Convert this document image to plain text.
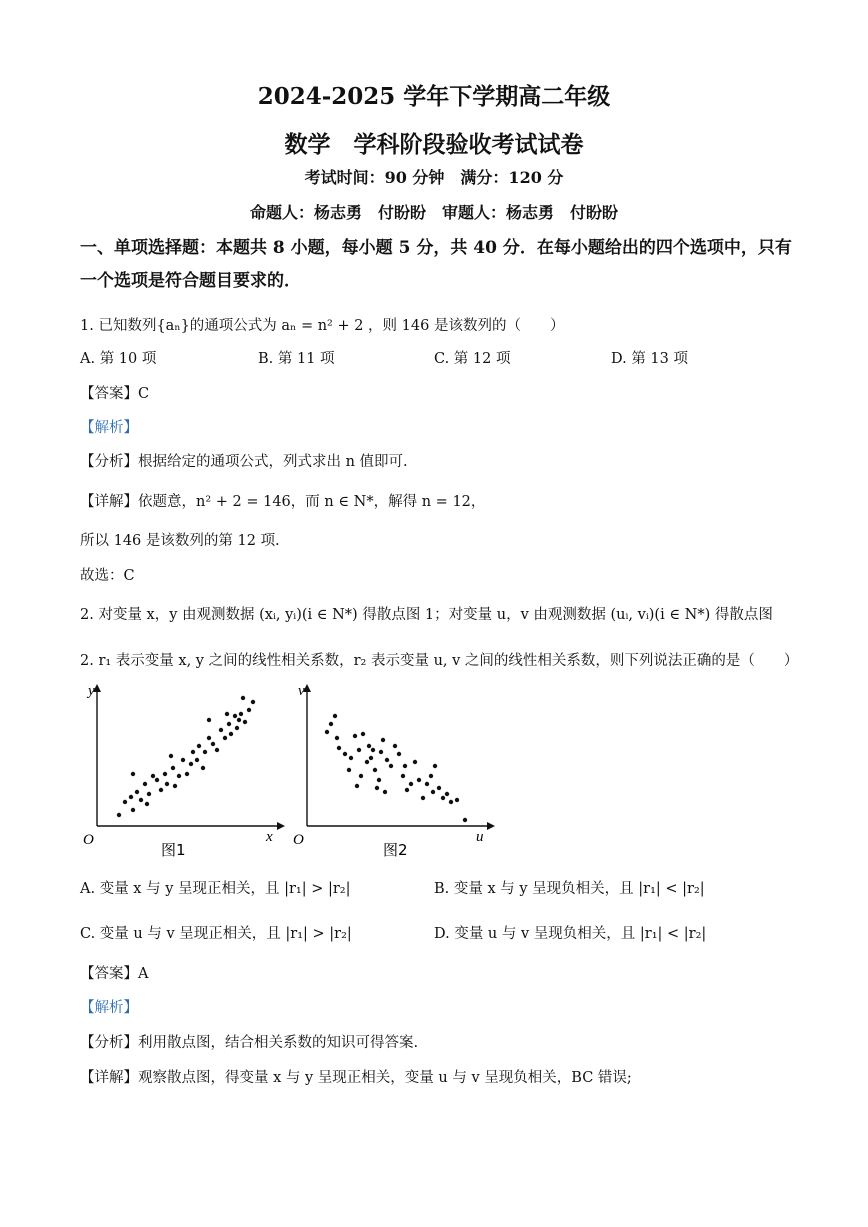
2024-2025 学年下学期高二年级
数学　学科阶段验收考试试卷
考试时间：90 分钟　满分：120 分
命题人：杨志勇　付盼盼　审题人：杨志勇　付盼盼
一、单项选择题：本题共 8 小题，每小题 5 分，共 40 分．在每小题给出的四个选项中，只有
一个选项是符合题目要求的．
1. 已知数列{aₙ}的通项公式为 aₙ = n² + 2 ，则 146 是该数列的（　　）
A. 第 10 项	B. 第 11 项	C. 第 12 项	D. 第 13 项
【答案】C
【解析】
【分析】根据给定的通项公式，列式求出 n 值即可.
【详解】依题意，n² + 2 = 146，而 n ∈ N*，解得 n = 12，
所以 146 是该数列的第 12 项.
故选：C
2. 对变量 x，y 由观测数据 (xᵢ, yᵢ)(i ∈ N*) 得散点图 1；对变量 u，v 由观测数据 (uᵢ, vᵢ)(i ∈ N*) 得散点图
2. r₁ 表示变量 x, y 之间的线性相关系数，r₂ 表示变量 u, v 之间的线性相关系数，则下列说法正确的是（　　）
y
x
O
图1
v
u
O
图2
A. 变量 x 与 y 呈现正相关，且 |r₁| > |r₂|	B. 变量 x 与 y 呈现负相关，且 |r₁| < |r₂|
C. 变量 u 与 v 呈现正相关，且 |r₁| > |r₂|	D. 变量 u 与 v 呈现负相关，且 |r₁| < |r₂|
【答案】A
【解析】
【分析】利用散点图，结合相关系数的知识可得答案.
【详解】观察散点图，得变量 x 与 y 呈现正相关，变量 u 与 v 呈现负相关，BC 错误;
